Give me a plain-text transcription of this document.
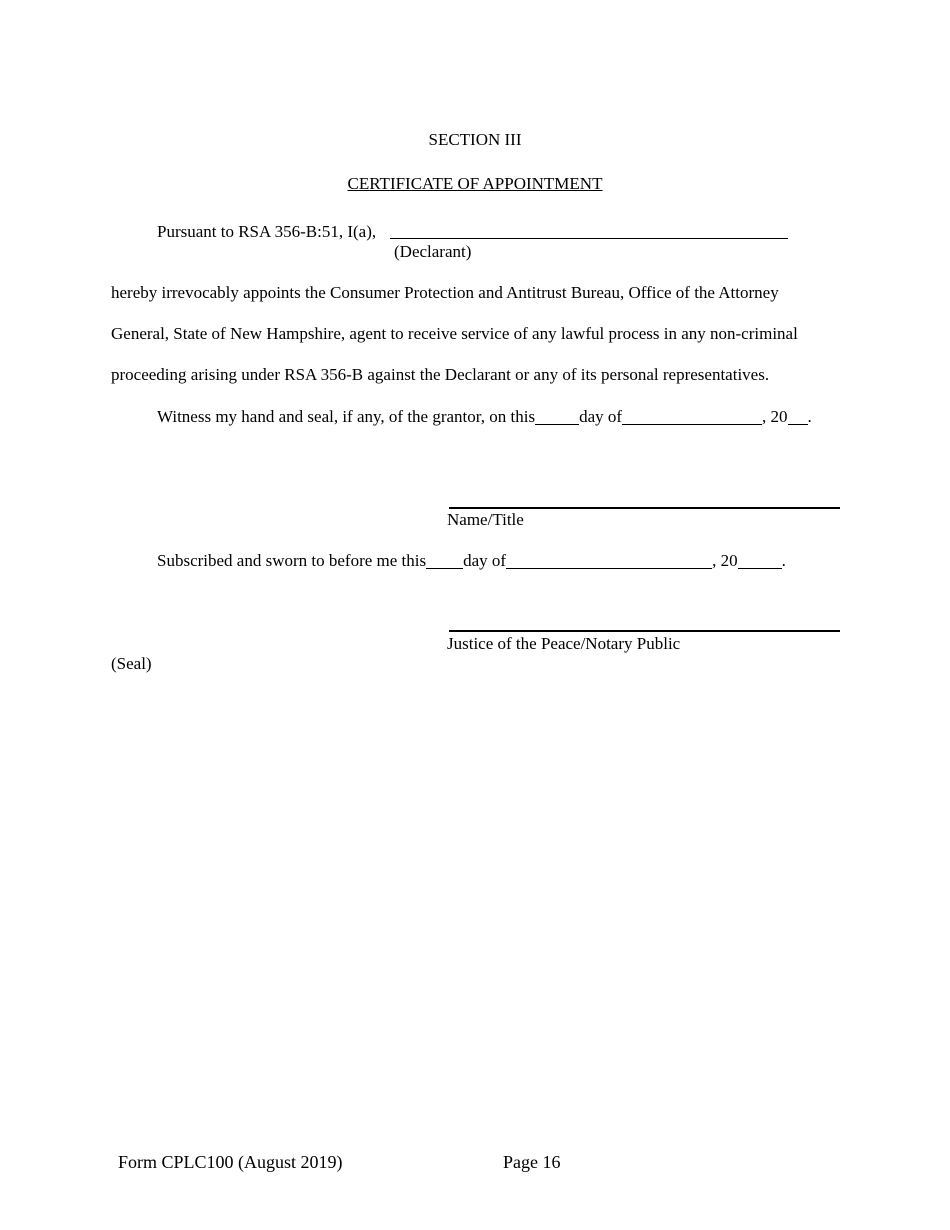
SECTION III
CERTIFICATE OF APPOINTMENT
Pursuant to RSA 356-B:51, I(a),
(Declarant)
hereby irrevocably appoints the Consumer Protection and Antitrust Bureau, Office of the Attorney
General, State of New Hampshire, agent to receive service of any lawful process in any non-criminal
proceeding arising under RSA 356-B against the Declarant or any of its personal representatives.
Witness my hand and seal, if any, of the grantor, on this	day of	, 20 .
Name/Title
Subscribed and sworn to before me this day of	, 20	.
Justice of the Peace/Notary Public
(Seal)
Form CPLC100 (August 2019)	Page 16
